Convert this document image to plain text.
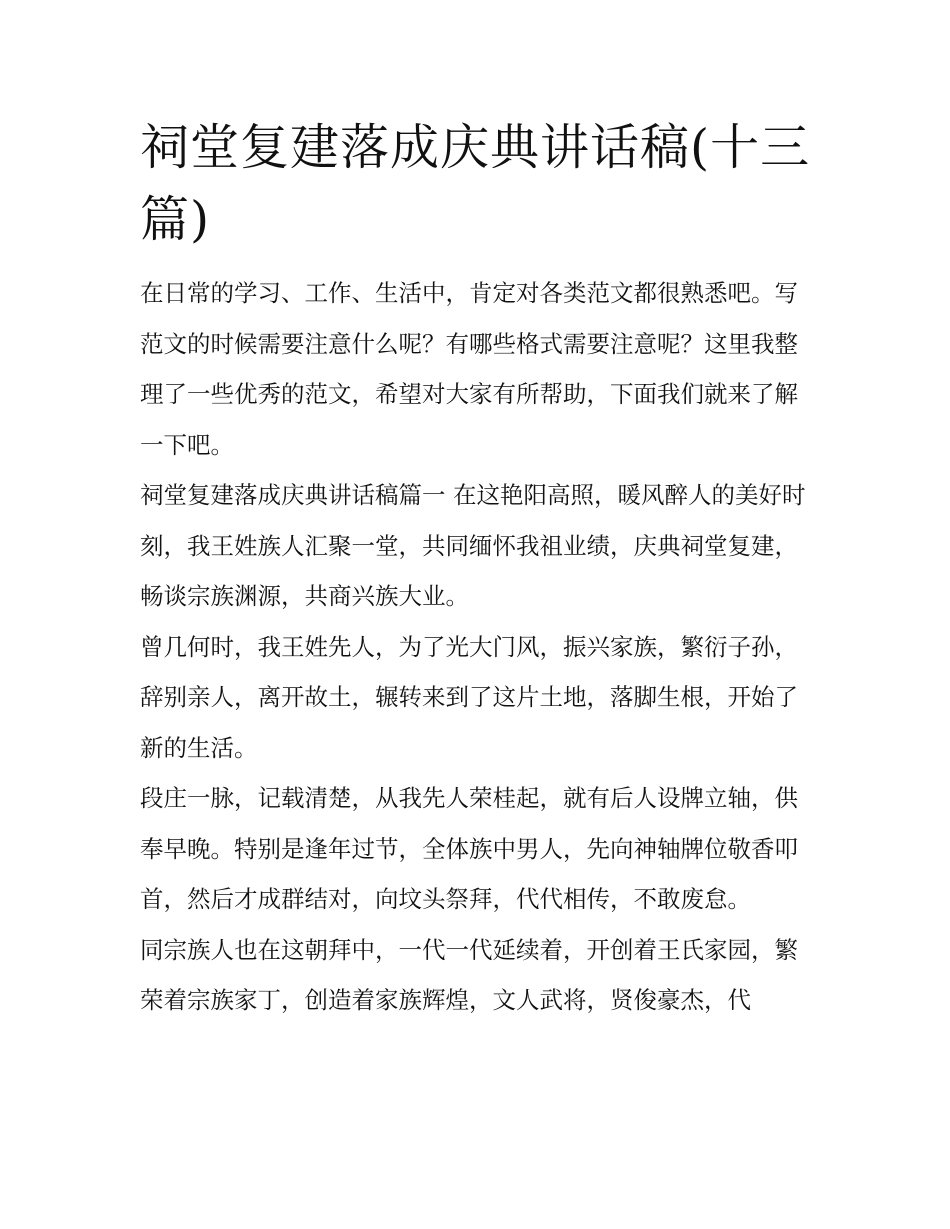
祠堂复建落成庆典讲话稿(十三篇)

在日常的学习、工作、生活中，肯定对各类范文都很熟悉吧。写范文的时候需要注意什么呢？有哪些格式需要注意呢？这里我整理了一些优秀的范文，希望对大家有所帮助，下面我们就来了解一下吧。

祠堂复建落成庆典讲话稿篇一 在这艳阳高照，暖风醉人的美好时刻，我王姓族人汇聚一堂，共同缅怀我祖业绩，庆典祠堂复建，畅谈宗族渊源，共商兴族大业。

曾几何时，我王姓先人，为了光大门风，振兴家族，繁衍子孙，辞别亲人，离开故土，辗转来到了这片土地，落脚生根，开始了新的生活。

段庄一脉，记载清楚，从我先人荣桂起，就有后人设牌立轴，供奉早晚。特别是逢年过节，全体族中男人，先向神轴牌位敬香叩首，然后才成群结对，向坟头祭拜，代代相传，不敢废怠。

同宗族人也在这朝拜中，一代一代延续着，开创着王氏家园，繁荣着宗族家丁，创造着家族辉煌，文人武将，贤俊豪杰，代
